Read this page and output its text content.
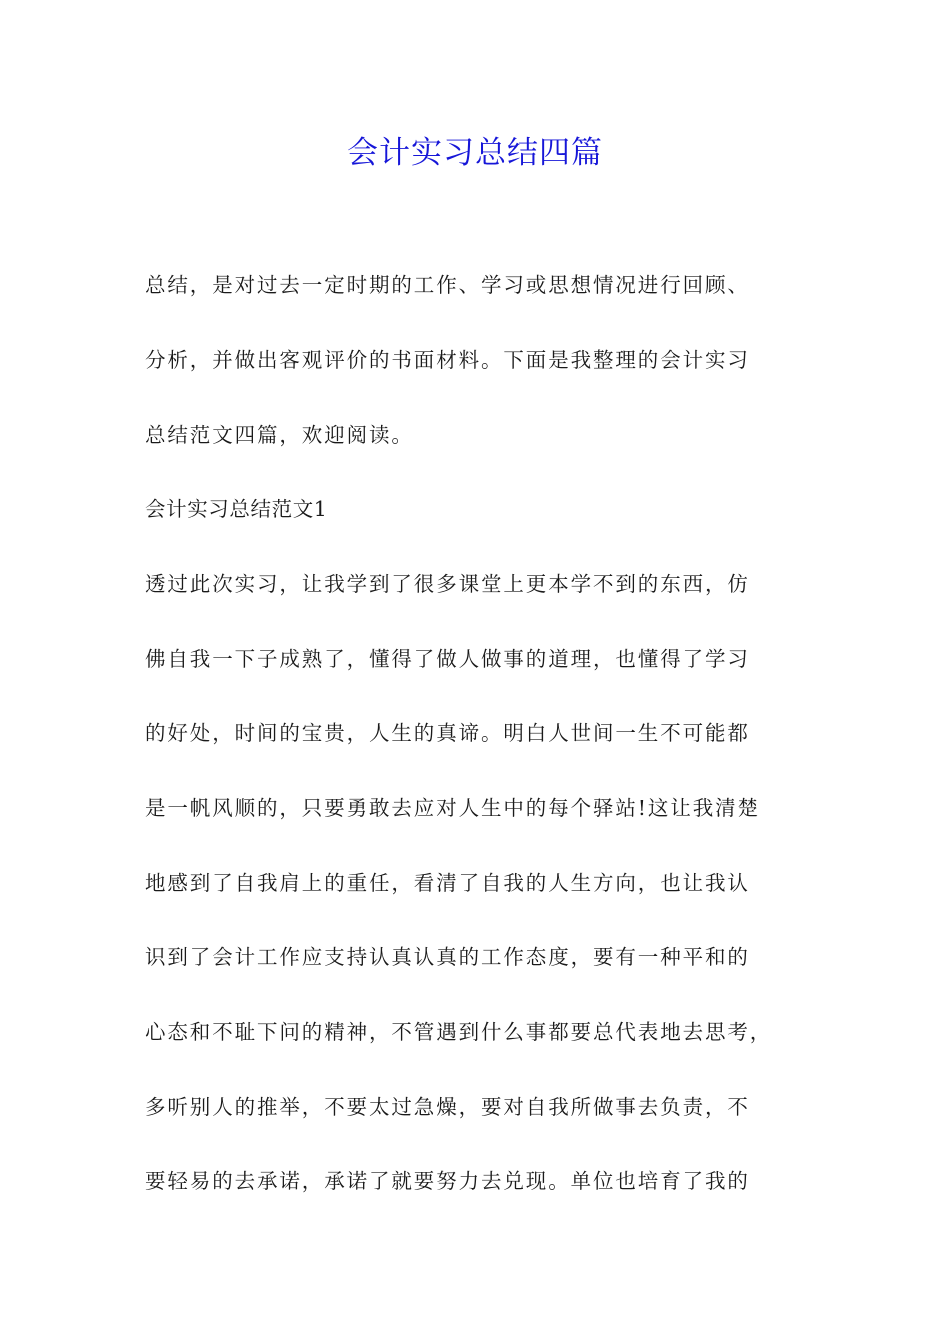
会计实习总结四篇
总结，是对过去一定时期的工作、学习或思想情况进行回顾、
分析，并做出客观评价的书面材料。下面是我整理的会计实习
总结范文四篇，欢迎阅读。
会计实习总结范文1
透过此次实习，让我学到了很多课堂上更本学不到的东西，仿
佛自我一下子成熟了，懂得了做人做事的道理，也懂得了学习
的好处，时间的宝贵，人生的真谛。明白人世间一生不可能都
是一帆风顺的，只要勇敢去应对人生中的每个驿站!这让我清楚
地感到了自我肩上的重任，看清了自我的人生方向，也让我认
识到了会计工作应支持认真认真的工作态度，要有一种平和的
心态和不耻下问的精神，不管遇到什么事都要总代表地去思考，
多听别人的推举，不要太过急燥，要对自我所做事去负责，不
要轻易的去承诺，承诺了就要努力去兑现。单位也培育了我的
